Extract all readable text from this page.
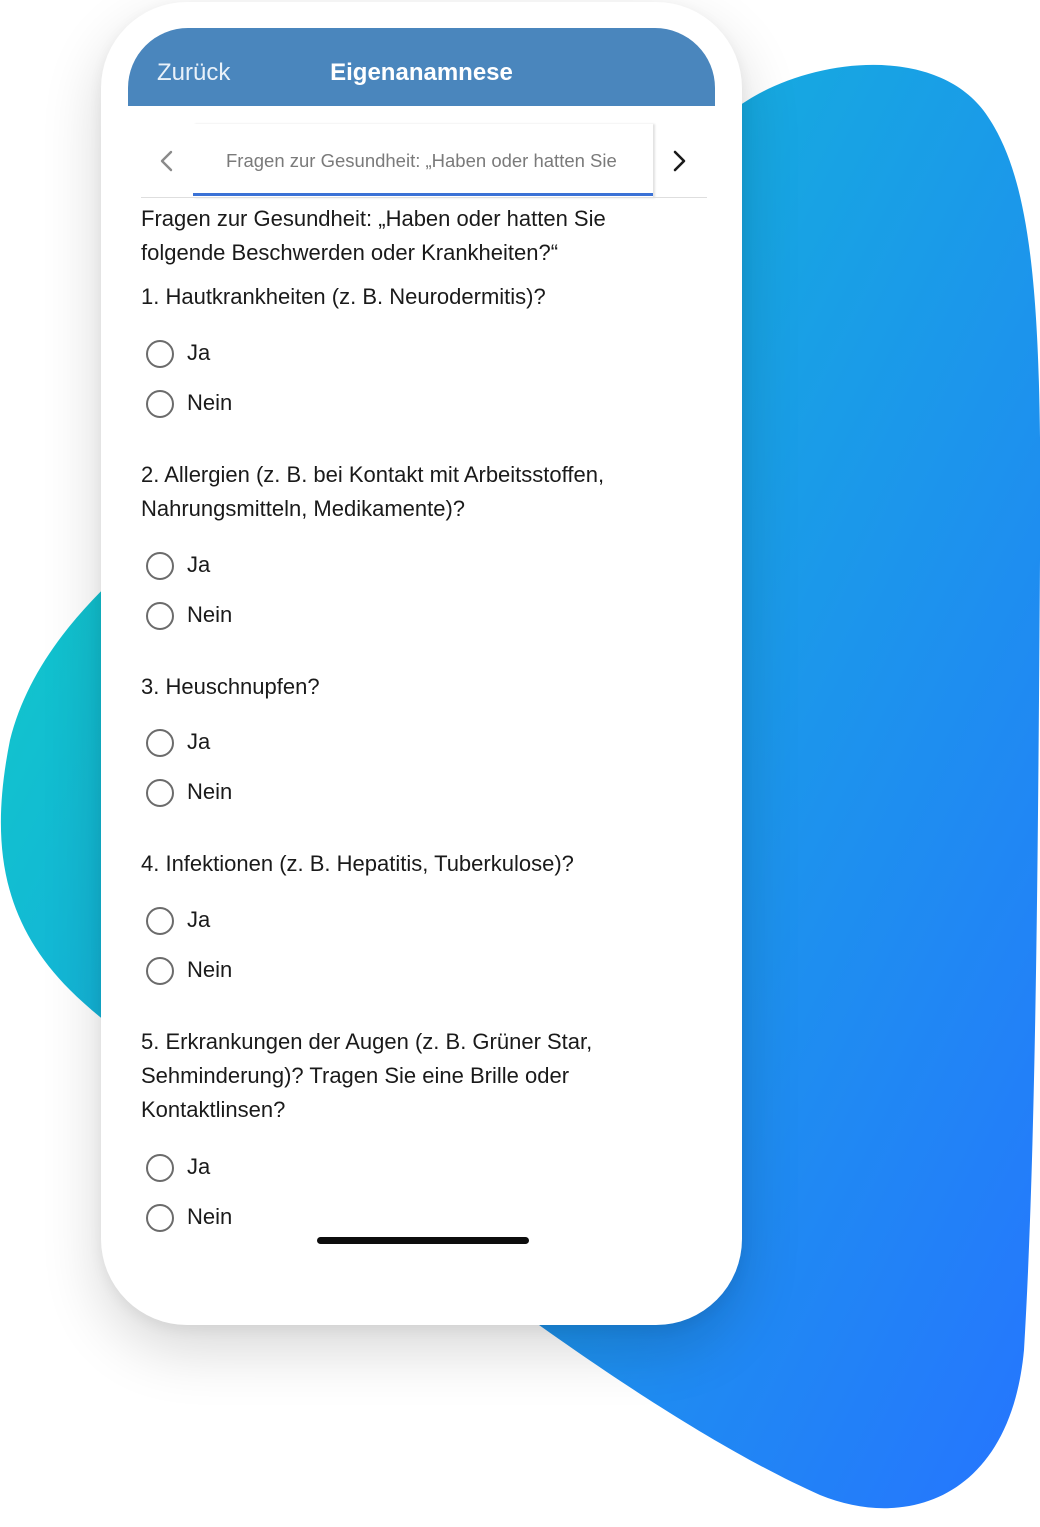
Zurück	Eigenanamnese
Fragen zur Gesundheit: „Haben oder hatten Sie
Fragen zur Gesundheit: „Haben oder hatten Sie
folgende Beschwerden oder Krankheiten?“
1. Hautkrankheiten (z. B. Neurodermitis)?
Ja
Nein
2. Allergien (z. B. bei Kontakt mit Arbeitsstoffen,
Nahrungsmitteln, Medikamente)?
Ja
Nein
3. Heuschnupfen?
Ja
Nein
4. Infektionen (z. B. Hepatitis, Tuberkulose)?
Ja
Nein
5. Erkrankungen der Augen (z. B. Grüner Star,
Sehminderung)? Tragen Sie eine Brille oder
Kontaktlinsen?
Ja
Nein
